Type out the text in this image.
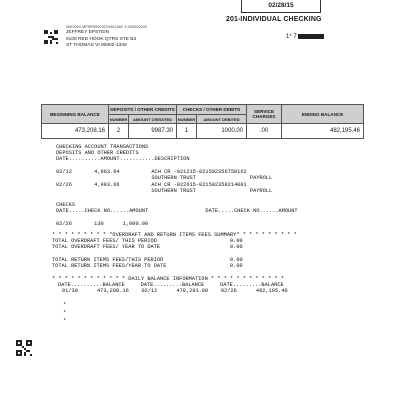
02/28/15
201-INDIVIDUAL CHECKING
1* 7
0000004 MP9PR0003210052460 3 000000000
JEFFREY EPSTEIN
6100 RED HOOK QTRS STE B3
ST THOMAS VI 00802-1348
BEGINNING BALANCE	DEPOSITS / OTHER CREDITS		CHECKS / OTHER DEBITS		SERVICE CHARGES	ENDING BALANCE
	NUMBER	AMOUNT CREDITED	NUMBER	AMOUNT DEBITED		
473,208.16	2	9987.30	1	1000.00	.00	482,195.46
CHECKING ACCOUNT TRANSACTIONS
DEPOSITS AND OTHER CREDITS
DATE..........AMOUNT...........DESCRIPTION
02/12       4,993.64          ACH CR -021215-021502356750162
SOUTHERN TRUST                 PAYROLL
02/26       4,993.66          ACH CR -022615-021502358214001
SOUTHERN TRUST                 PAYROLL
CHECKS
DATE.....CHECK NO......AMOUNT                  DATE.....CHECK NO......AMOUNT
02/26       130      1,000.00
* * * * * * * * * *OVERDRAFT AND RETURN ITEMS FEES SUMMARY* * * * * * * * * *
TOTAL OVERDRAFT FEES/ THIS PERIOD                       0.00
TOTAL OVERDRAFT FEES/ YEAR TO DATE                      0.00
TOTAL RETURN ITEMS FEES/THIS PERIOD                     0.00
TOTAL RETURN ITEMS FEES/YEAR TO DATE                    0.00
* * * * * * * * * * * * DAILY BALANCE INFORMATION * * * * * * * * * * * *
DATE..........BALANCE     DATE.........BALANCE     DATE.........BALANCE
01/30      473,208.16    02/12      478,201.80    02/26      482,195.46
*
*
*
